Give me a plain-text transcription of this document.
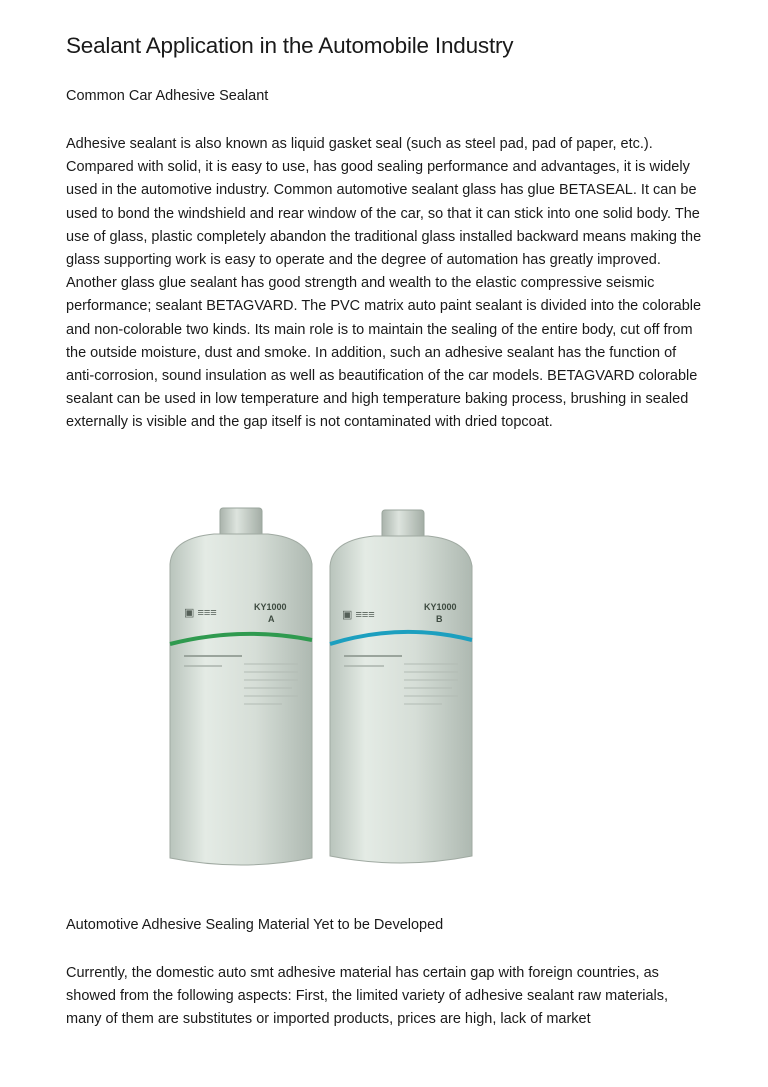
Sealant Application in the Automobile Industry
Common Car Adhesive Sealant

Adhesive sealant is also known as liquid gasket seal (such as steel pad, pad of paper, etc.). Compared with solid, it is easy to use, has good sealing performance and advantages, it is widely used in the automotive industry. Common automotive sealant glass has glue BETASEAL. It can be used to bond the windshield and rear window of the car, so that it can stick into one solid body. The use of glass, plastic completely abandon the traditional glass installed backward means making the glass supporting work is easy to operate and the degree of automation has greatly improved. Another glass glue sealant has good strength and wealth to the elastic compressive seismic performance; sealant BETAGVARD. The PVC matrix auto paint sealant is divided into the colorable and non-colorable two kinds. Its main role is to maintain the sealing of the entire body, cut off from the outside moisture, dust and smoke. In addition, such an adhesive sealant has the function of anti-corrosion, sound insulation as well as beautification of the car models. BETAGVARD colorable sealant can be used in low temperature and high temperature baking process, brushing in sealed externally is visible and the gap itself is not contaminated with dried topcoat.

▣ ≡≡≡	KY1000
A	▣ ≡≡≡
KY1000
B
Automotive Adhesive Sealing Material Yet to be Developed

Currently, the domestic auto smt adhesive material has certain gap with foreign countries, as showed from the following aspects: First, the limited variety of adhesive sealant raw materials, many of them are substitutes or imported products, prices are high, lack of market
